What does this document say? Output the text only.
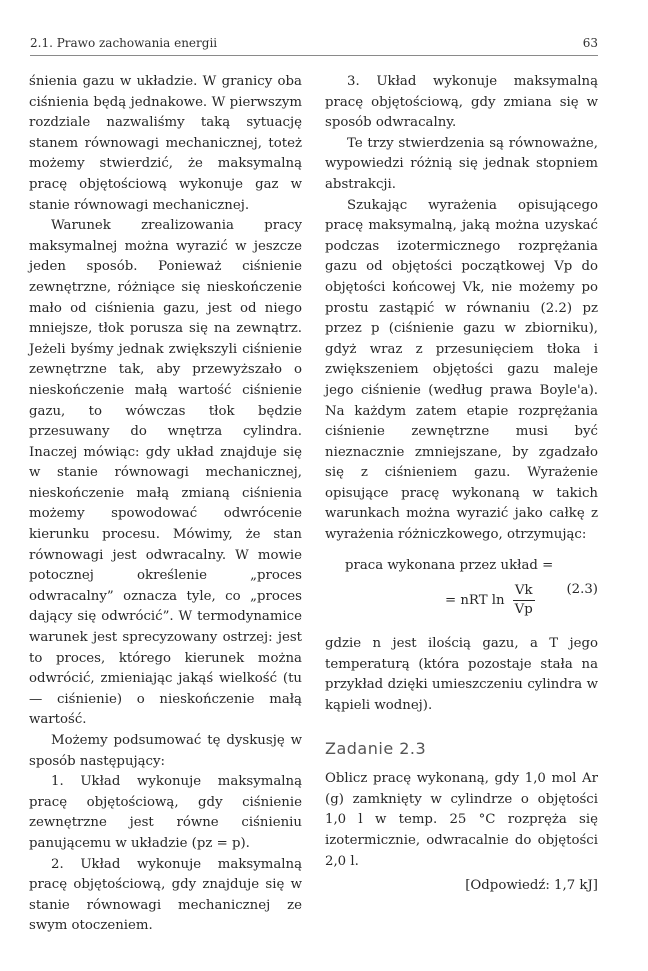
2.1. Prawo zachowania energii	63

śnienia gazu w układzie. W granicy oba ciśnienia będą jednakowe. W pierwszym rozdziale nazwaliśmy taką sytuację stanem równowagi mechanicznej, toteż możemy stwierdzić, że maksymalną pracę objętościową wykonuje gaz w stanie równowagi mechanicznej.

Warunek zrealizowania pracy maksymalnej można wyrazić w jeszcze jeden sposób. Ponieważ ciśnienie zewnętrzne, różniące się nieskończenie mało od ciśnienia gazu, jest od niego mniejsze, tłok porusza się na zewnątrz. Jeżeli byśmy jednak zwiększyli ciśnienie zewnętrzne tak, aby przewyższało o nieskończenie małą wartość ciśnienie gazu, to wówczas tłok będzie przesuwany do wnętrza cylindra. Inaczej mówiąc: gdy układ znajduje się w stanie równowagi mechanicznej, nieskończenie małą zmianą ciśnienia możemy spowodować odwrócenie kierunku procesu. Mówimy, że stan równowagi jest odwracalny. W mowie potocznej określenie „proces odwracalny” oznacza tyle, co „proces dający się odwrócić”. W termodynamice warunek jest sprecyzowany ostrzej: jest to proces, którego kierunek można odwrócić, zmieniając jakąś wielkość (tu — ciśnienie) o nieskończenie małą wartość.

Możemy podsumować tę dyskusję w sposób następujący:

1. Układ wykonuje maksymalną pracę objętościową, gdy ciśnienie zewnętrzne jest równe ciśnieniu panującemu w układzie (pz = p).

2. Układ wykonuje maksymalną pracę objętościową, gdy znajduje się w stanie równowagi mechanicznej ze swym otoczeniem.

3. Układ wykonuje maksymalną pracę objętościową, gdy zmiana się w sposób odwracalny.

Te trzy stwierdzenia są równoważne, wypowiedzi różnią się jednak stopniem abstrakcji.

Szukając wyrażenia opisującego pracę maksymalną, jaką można uzyskać podczas izotermicznego rozprężania gazu od objętości początkowej Vp do objętości końcowej Vk, nie możemy po prostu zastąpić w równaniu (2.2) pz przez p (ciśnienie gazu w zbiorniku), gdyż wraz z przesunięciem tłoka i zwiększeniem objętości gazu maleje jego ciśnienie (według prawa Boyle'a). Na każdym zatem etapie rozprężania ciśnienie zewnętrzne musi być nieznacznie zmniejszane, by zgadzało się z ciśnieniem gazu. Wyrażenie opisujące pracę wykonaną w takich warunkach można wyrazić jako całkę z wyrażenia różniczkowego, otrzymując:

praca wykonana przez układ =
= nRT $\ln \frac{Vk}{Vp} (2.3)$

gdzie n jest ilością gazu, a T jego temperaturą (która pozostaje stała na przykład dzięki umieszczeniu cylindra w kąpieli wodnej).

Zadanie 2.3

Oblicz pracę wykonaną, gdy 1,0 mol Ar (g) zamknięty w cylindrze o objętości 1,0 l w temp. 25 °C rozpręża się izotermicznie, odwracalnie do objętości 2,0 l.

[Odpowiedź: 1,7 kJ]
